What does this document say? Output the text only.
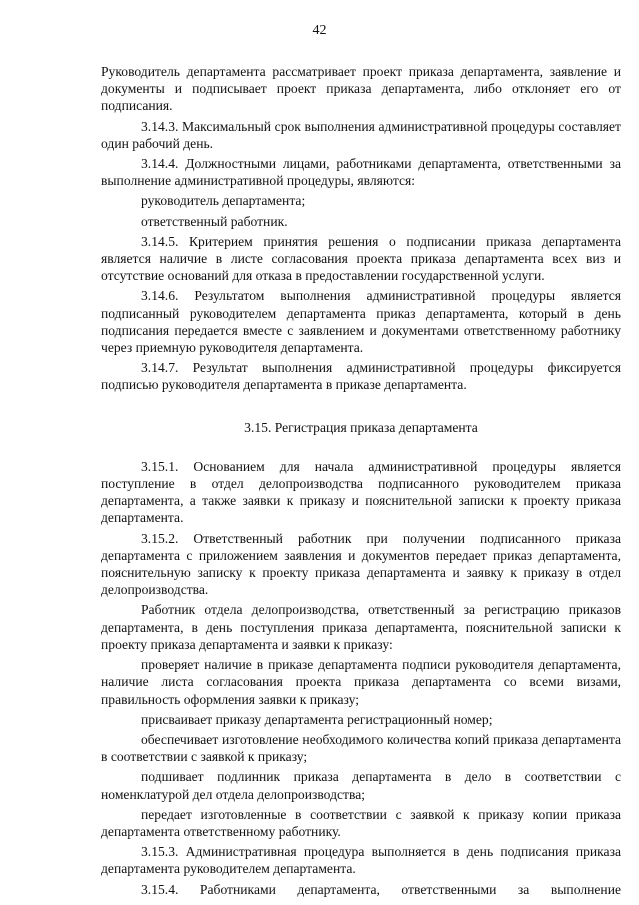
42

Руководитель департамента рассматривает проект приказа департамента, заявление и документы и подписывает проект приказа департамента, либо отклоняет его от подписания.

3.14.3. Максимальный срок выполнения административной процедуры составляет один рабочий день.

3.14.4. Должностными лицами, работниками департамента, ответственными за выполнение административной процедуры, являются:

руководитель департамента;

ответственный работник.

3.14.5. Критерием принятия решения о подписании приказа департамента является наличие в листе согласования проекта приказа департамента всех виз и отсутствие оснований для отказа в предоставлении государственной услуги.

3.14.6. Результатом выполнения административной процедуры является подписанный руководителем департамента приказ департамента, который в день подписания передается вместе с заявлением и документами ответственному работнику через приемную руководителя департамента.

3.14.7. Результат выполнения административной процедуры фиксируется подписью руководителя департамента в приказе департамента.

3.15. Регистрация приказа департамента

3.15.1. Основанием для начала административной процедуры является поступление в отдел делопроизводства подписанного руководителем приказа департамента, а также заявки к приказу и пояснительной записки к проекту приказа департамента.

3.15.2. Ответственный работник при получении подписанного приказа департамента с приложением заявления и документов передает приказ департамента, пояснительную записку к проекту приказа департамента и заявку к приказу в отдел делопроизводства.

Работник отдела делопроизводства, ответственный за регистрацию приказов департамента, в день поступления приказа департамента, пояснительной записки к проекту приказа департамента и заявки к приказу:

проверяет наличие в приказе департамента подписи руководителя департамента, наличие листа согласования проекта приказа департамента со всеми визами, правильность оформления заявки к приказу;

присваивает приказу департамента регистрационный номер;

обеспечивает изготовление необходимого количества копий приказа департамента в соответствии с заявкой к приказу;

подшивает подлинник приказа департамента в дело в соответствии с номенклатурой дел отдела делопроизводства;

передает изготовленные в соответствии с заявкой к приказу копии приказа департамента ответственному работнику.

3.15.3. Административная процедура выполняется в день подписания приказа департамента руководителем департамента.

3.15.4. Работниками департамента, ответственными за выполнение
